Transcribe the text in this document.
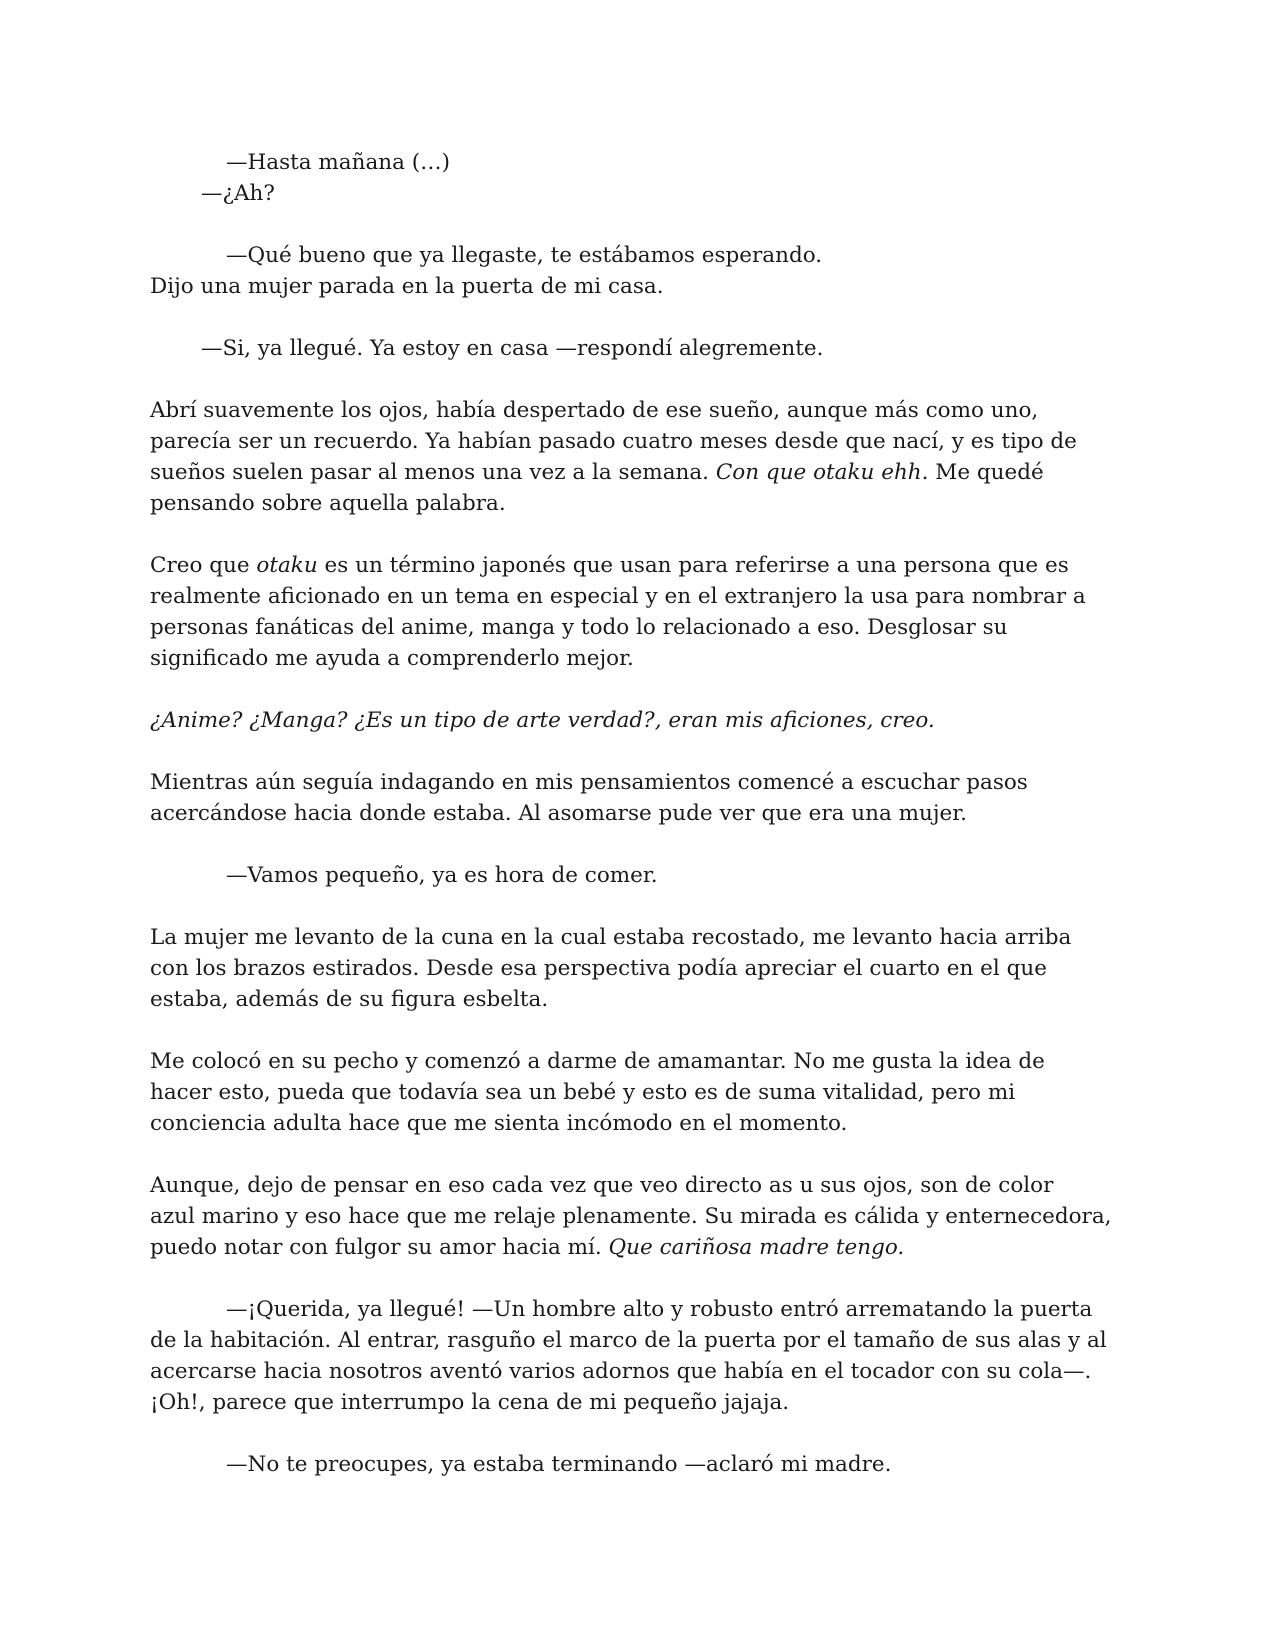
—Hasta mañana (…)
—¿Ah?
—Qué bueno que ya llegaste, te estábamos esperando.
Dijo una mujer parada en la puerta de mi casa.
—Si, ya llegué. Ya estoy en casa —respondí alegremente.
Abrí suavemente los ojos, había despertado de ese sueño, aunque más como uno,
parecía ser un recuerdo. Ya habían pasado cuatro meses desde que nací, y es tipo de
sueños suelen pasar al menos una vez a la semana. Con que otaku ehh. Me quedé
pensando sobre aquella palabra.
Creo que otaku es un término japonés que usan para referirse a una persona que es
realmente aficionado en un tema en especial y en el extranjero la usa para nombrar a
personas fanáticas del anime, manga y todo lo relacionado a eso. Desglosar su
significado me ayuda a comprenderlo mejor.
¿Anime? ¿Manga? ¿Es un tipo de arte verdad?, eran mis aficiones, creo.
Mientras aún seguía indagando en mis pensamientos comencé a escuchar pasos
acercándose hacia donde estaba. Al asomarse pude ver que era una mujer.
—Vamos pequeño, ya es hora de comer.
La mujer me levanto de la cuna en la cual estaba recostado, me levanto hacia arriba
con los brazos estirados. Desde esa perspectiva podía apreciar el cuarto en el que
estaba, además de su figura esbelta.
Me colocó en su pecho y comenzó a darme de amamantar. No me gusta la idea de
hacer esto, pueda que todavía sea un bebé y esto es de suma vitalidad, pero mi
conciencia adulta hace que me sienta incómodo en el momento.
Aunque, dejo de pensar en eso cada vez que veo directo as u sus ojos, son de color
azul marino y eso hace que me relaje plenamente. Su mirada es cálida y enternecedora,
puedo notar con fulgor su amor hacia mí. Que cariñosa madre tengo.
—¡Querida, ya llegué! —Un hombre alto y robusto entró arrematando la puerta
de la habitación. Al entrar, rasguño el marco de la puerta por el tamaño de sus alas y al
acercarse hacia nosotros aventó varios adornos que había en el tocador con su cola—.
¡Oh!, parece que interrumpo la cena de mi pequeño jajaja.
—No te preocupes, ya estaba terminando —aclaró mi madre.
